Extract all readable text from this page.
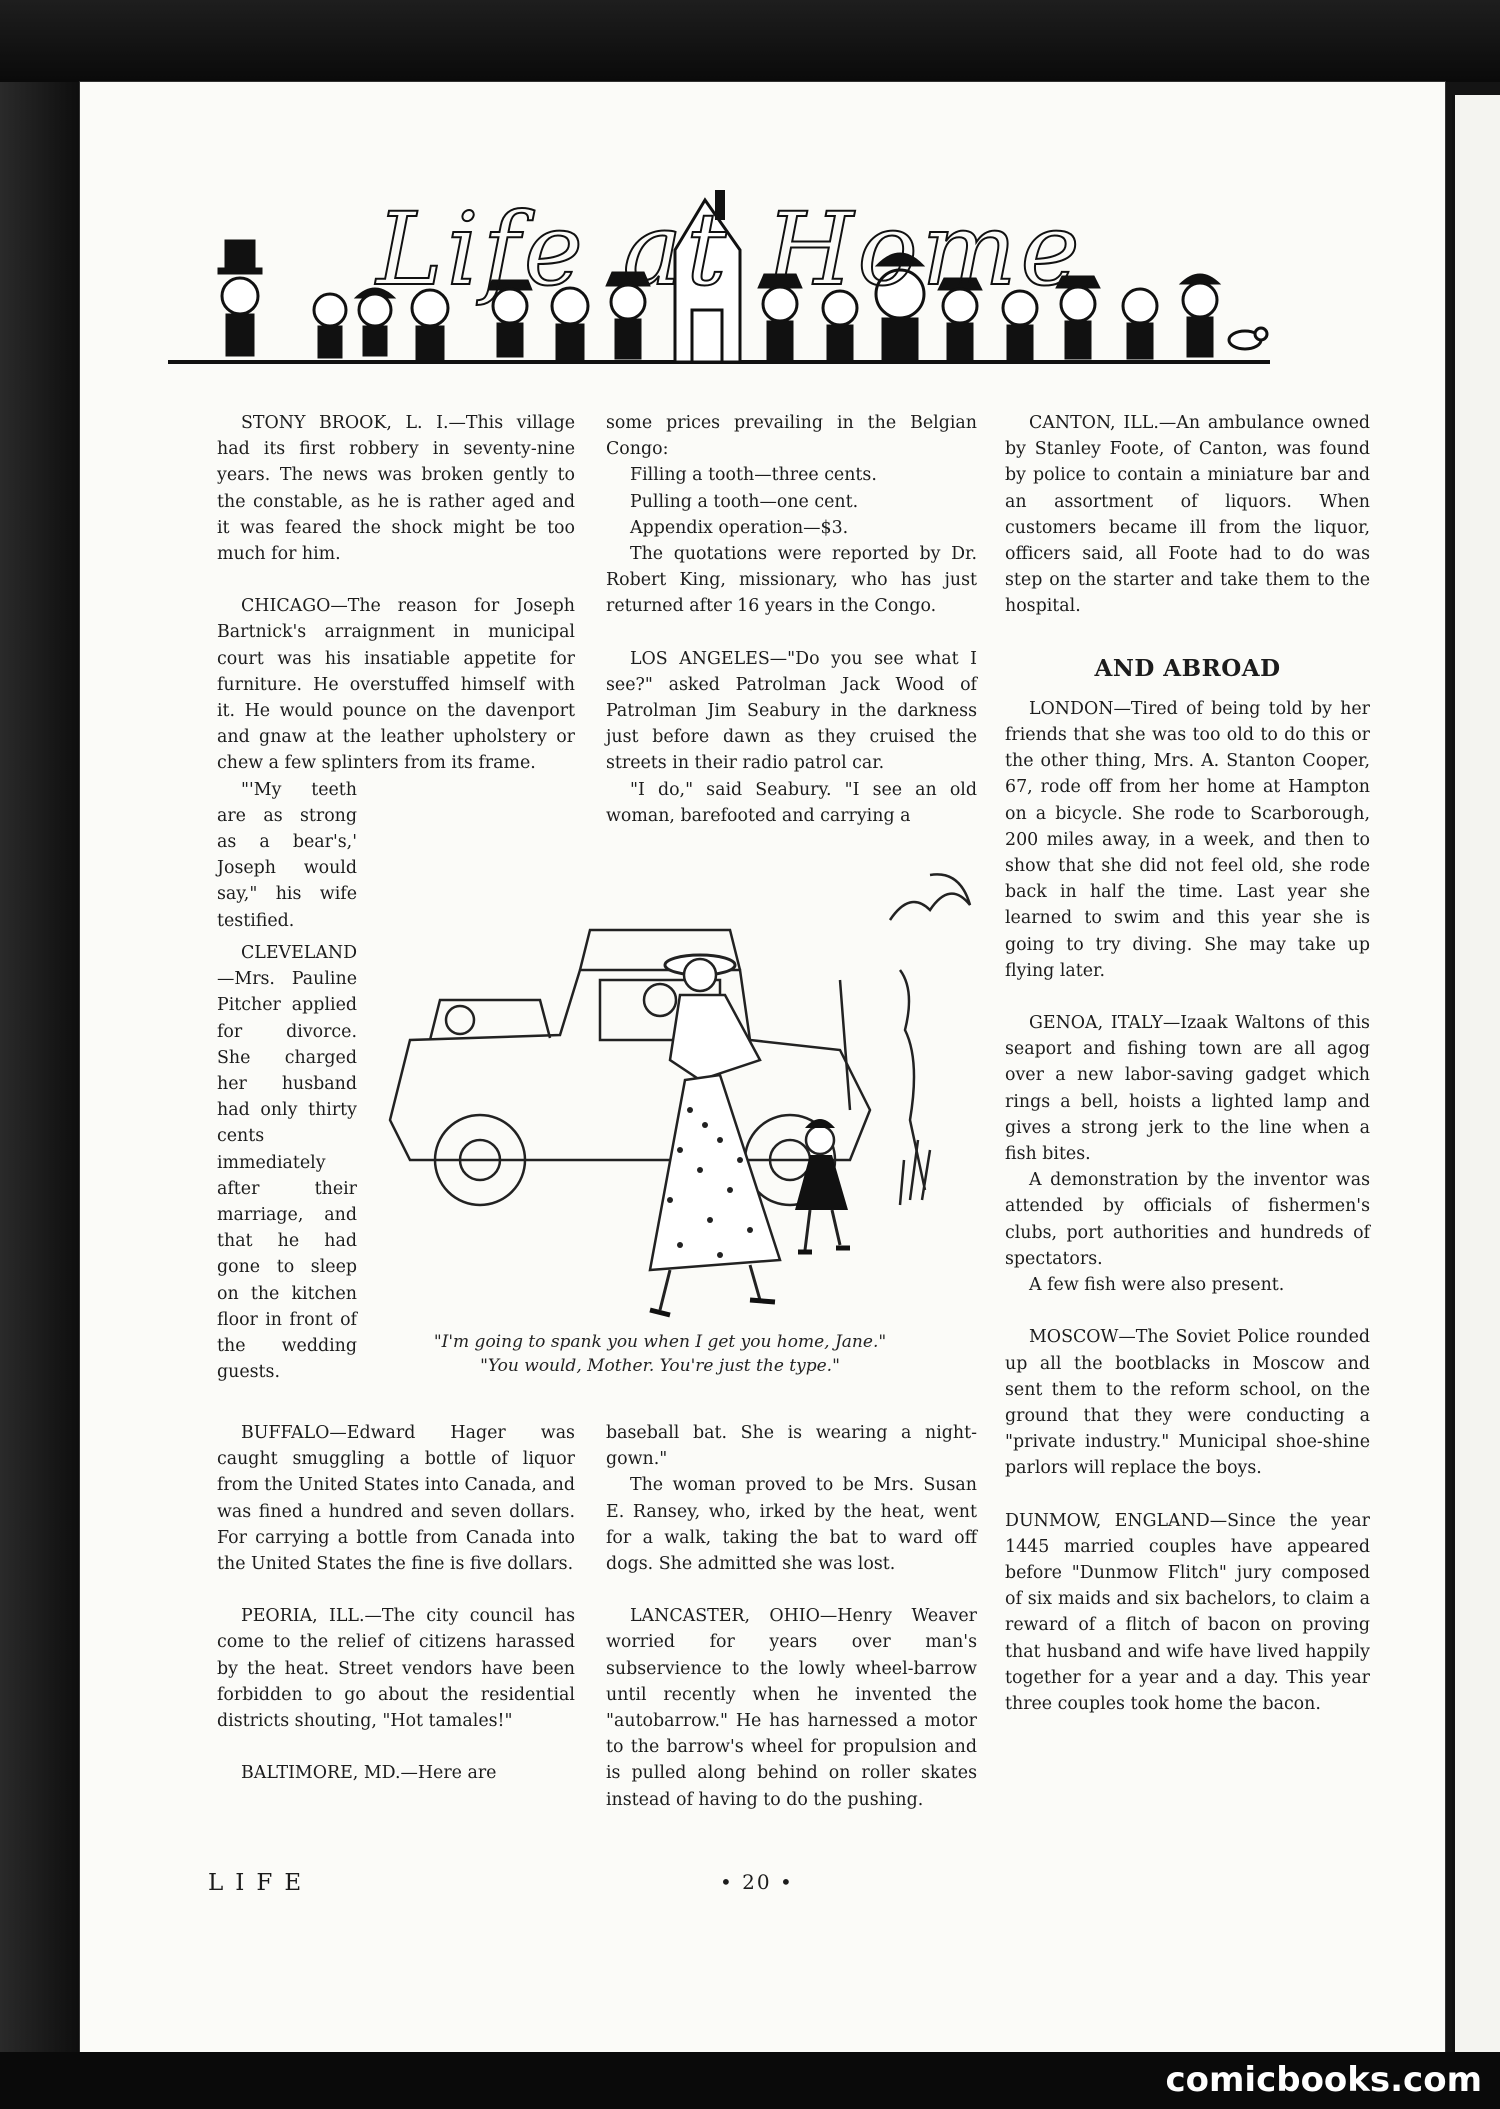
Life at Home

STONY BROOK, L. I.—This village had its first robbery in seventy-nine years. The news was broken gently to the constable, as he is rather aged and it was feared the shock might be too much for him.

CHICAGO—The reason for Joseph Bartnick's arraignment in municipal court was his insatiable appetite for furniture. He overstuffed himself with it. He would pounce on the davenport and gnaw at the leather upholstery or chew a few splinters from its frame.

"'My teeth are as strong as a bear's,' Joseph would say," his wife testified.

CLEVELAND—Mrs. Pauline Pitcher applied for divorce. She charged her husband had only thirty cents immediately after their marriage, and that he had gone to sleep on the kitchen floor in front of the wedding guests.

some prices prevailing in the Belgian Congo:

Filling a tooth—three cents.

Pulling a tooth—one cent.

Appendix operation—$3.

The quotations were reported by Dr. Robert King, missionary, who has just returned after 16 years in the Congo.

LOS ANGELES—"Do you see what I see?" asked Patrolman Jack Wood of Patrolman Jim Seabury in the darkness just before dawn as they cruised the streets in their radio patrol car.

"I do," said Seabury. "I see an old woman, barefooted and carrying a

"I'm going to spank you when I get you home, Jane."
"You would, Mother. You're just the type."

CANTON, ILL.—An ambulance owned by Stanley Foote, of Canton, was found by police to contain a miniature bar and an assortment of liquors. When customers became ill from the liquor, officers said, all Foote had to do was step on the starter and take them to the hospital.

AND ABROAD

LONDON—Tired of being told by her friends that she was too old to do this or the other thing, Mrs. A. Stanton Cooper, 67, rode off from her home at Hampton on a bicycle. She rode to Scarborough, 200 miles away, in a week, and then to show that she did not feel old, she rode back in half the time. Last year she learned to swim and this year she is going to try diving. She may take up flying later.

GENOA, ITALY—Izaak Waltons of this seaport and fishing town are all agog over a new labor-saving gadget which rings a bell, hoists a lighted lamp and gives a strong jerk to the line when a fish bites.

A demonstration by the inventor was attended by officials of fishermen's clubs, port authorities and hundreds of spectators.

A few fish were also present.

MOSCOW—The Soviet Police rounded up all the bootblacks in Moscow and sent them to the reform school, on the ground that they were conducting a "private industry." Municipal shoe-shine parlors will replace the boys.

DUNMOW, ENGLAND—Since the year 1445 married couples have appeared before "Dunmow Flitch" jury composed of six maids and six bachelors, to claim a reward of a flitch of bacon on proving that husband and wife have lived happily together for a year and a day. This year three couples took home the bacon.

BUFFALO—Edward Hager was caught smuggling a bottle of liquor from the United States into Canada, and was fined a hundred and seven dollars. For carrying a bottle from Canada into the United States the fine is five dollars.

PEORIA, ILL.—The city council has come to the relief of citizens harassed by the heat. Street vendors have been forbidden to go about the residential districts shouting, "Hot tamales!"

BALTIMORE, MD.—Here are

baseball bat. She is wearing a night-gown."

The woman proved to be Mrs. Susan E. Ransey, who, irked by the heat, went for a walk, taking the bat to ward off dogs. She admitted she was lost.

LANCASTER, OHIO—Henry Weaver worried for years over man's subservience to the lowly wheel-barrow until recently when he invented the "autobarrow." He has harnessed a motor to the barrow's wheel for propulsion and is pulled along behind on roller skates instead of having to do the pushing.

LIFE	• 20 •
comicbooks.com
